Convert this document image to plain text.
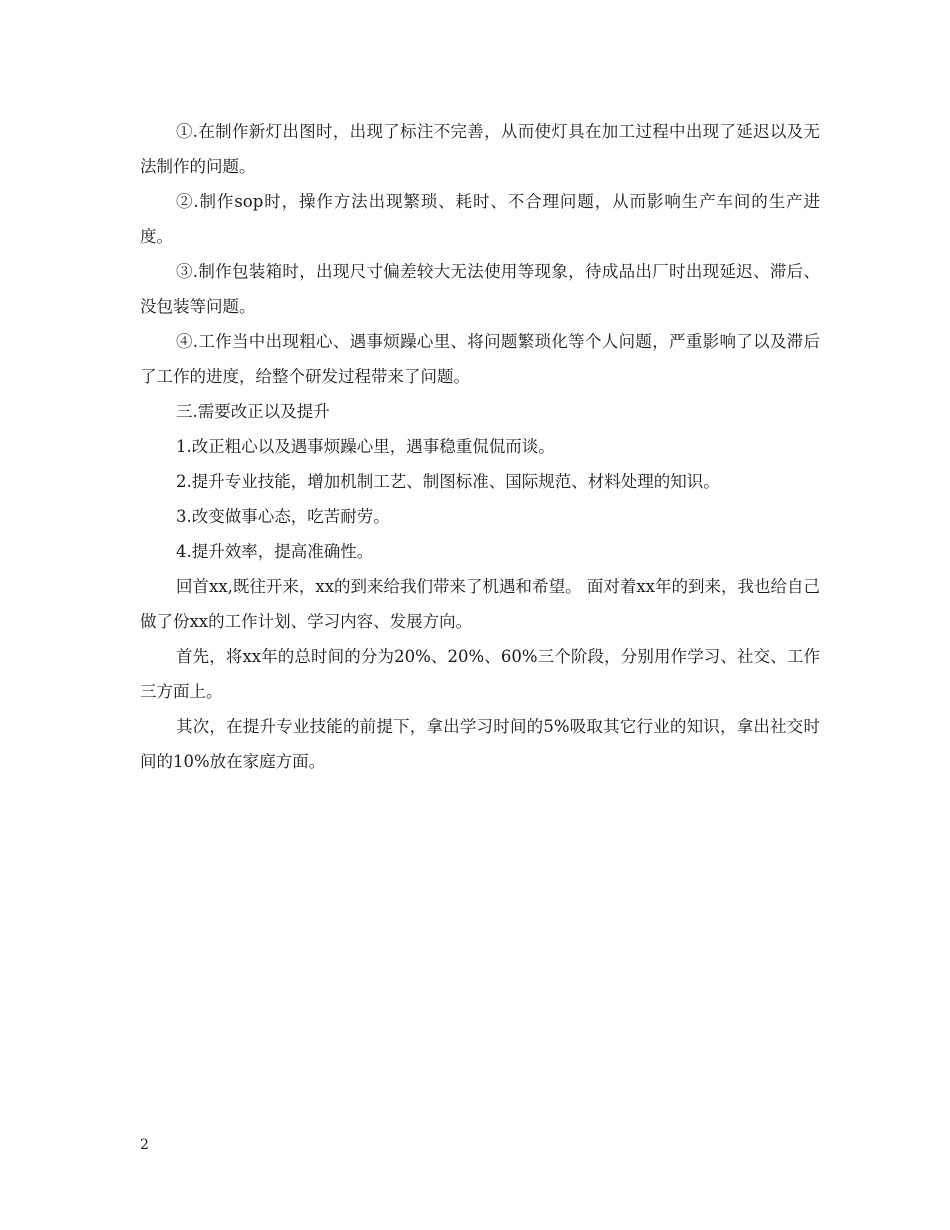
①.在制作新灯出图时，出现了标注不完善，从而使灯具在加工过程中出现了延迟以及无法制作的问题。

②.制作sop时，操作方法出现繁琐、耗时、不合理问题，从而影响生产车间的生产进度。

③.制作包装箱时，出现尺寸偏差较大无法使用等现象，待成品出厂时出现延迟、滞后、没包装等问题。

④.工作当中出现粗心、遇事烦躁心里、将问题繁琐化等个人问题，严重影响了以及滞后了工作的进度，给整个研发过程带来了问题。

三.需要改正以及提升

1.改正粗心以及遇事烦躁心里，遇事稳重侃侃而谈。

2.提升专业技能，增加机制工艺、制图标准、国际规范、材料处理的知识。

3.改变做事心态，吃苦耐劳。

4.提升效率，提高准确性。

回首xx,既往开来，xx的到来给我们带来了机遇和希望。 面对着xx年的到来，我也给自己做了份xx的工作计划、学习内容、发展方向。

首先，将xx年的总时间的分为20%、20%、60%三个阶段，分别用作学习、社交、工作三方面上。

其次，在提升专业技能的前提下，拿出学习时间的5%吸取其它行业的知识，拿出社交时间的10%放在家庭方面。

2
